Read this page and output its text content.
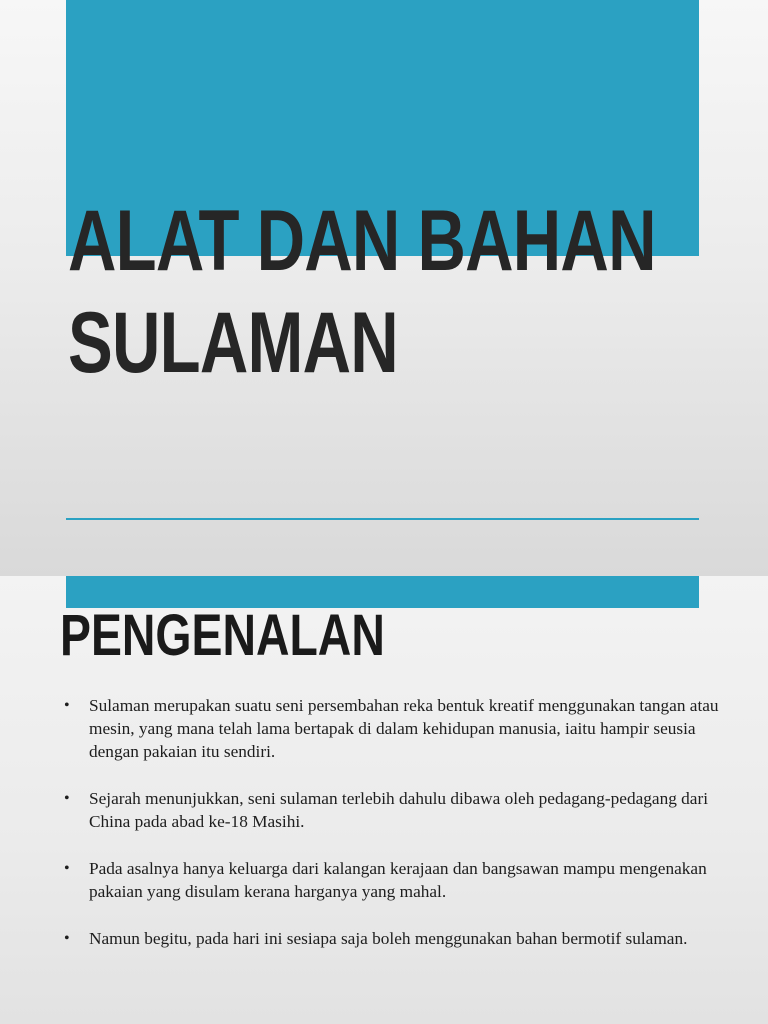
ALAT DAN BAHAN
SULAMAN
PENGENALAN
• Sulaman merupakan suatu seni persembahan reka bentuk kreatif menggunakan tangan atau mesin, yang mana telah lama bertapak di dalam kehidupan manusia, iaitu hampir seusia dengan pakaian itu sendiri.
• Sejarah menunjukkan, seni sulaman terlebih dahulu dibawa oleh pedagang-pedagang dari China pada abad ke-18 Masihi.
• Pada asalnya hanya keluarga dari kalangan kerajaan dan bangsawan mampu mengenakan pakaian yang disulam kerana harganya yang mahal.
• Namun begitu, pada hari ini sesiapa saja boleh menggunakan bahan bermotif sulaman.
